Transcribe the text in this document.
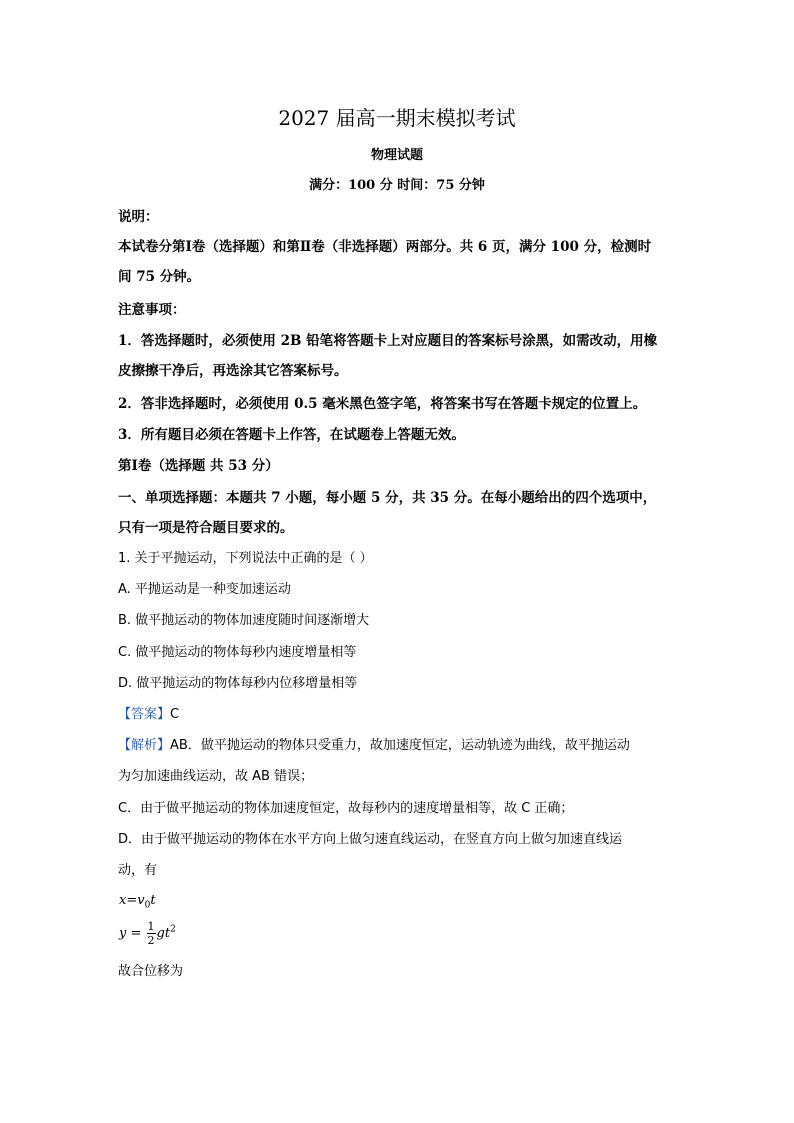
2027 届高一期末模拟考试
物理试题
满分：100 分 时间：75 分钟
说明：
本试卷分第Ⅰ卷（选择题）和第Ⅱ卷（非选择题）两部分。共 6 页，满分 100 分，检测时
间 75 分钟。
注意事项：
1．答选择题时，必须使用 2B 铅笔将答题卡上对应题目的答案标号涂黑，如需改动，用橡
皮擦擦干净后，再选涂其它答案标号。
2．答非选择题时，必须使用 0.5 毫米黑色签字笔，将答案书写在答题卡规定的位置上。
3．所有题目必须在答题卡上作答，在试题卷上答题无效。
第Ⅰ卷（选择题 共 53 分）
一、单项选择题：本题共 7 小题，每小题 5 分，共 35 分。在每小题给出的四个选项中，
只有一项是符合题目要求的。
1. 关于平抛运动，下列说法中正确的是（ ）
A. 平抛运动是一种变加速运动
B. 做平抛运动的物体加速度随时间逐渐增大
C. 做平抛运动的物体每秒内速度增量相等
D. 做平抛运动的物体每秒内位移增量相等
【答案】C
【解析】AB．做平抛运动的物体只受重力，故加速度恒定，运动轨迹为曲线，故平抛运动
为匀加速曲线运动，故 AB 错误；
C．由于做平抛运动的物体加速度恒定，故每秒内的速度增量相等，故 C 正确；
D．由于做平抛运动的物体在水平方向上做匀速直线运动，在竖直方向上做匀加速直线运
动，有
$x=v_0t$
$y = \frac{1}{2} gt^2$
故合位移为
